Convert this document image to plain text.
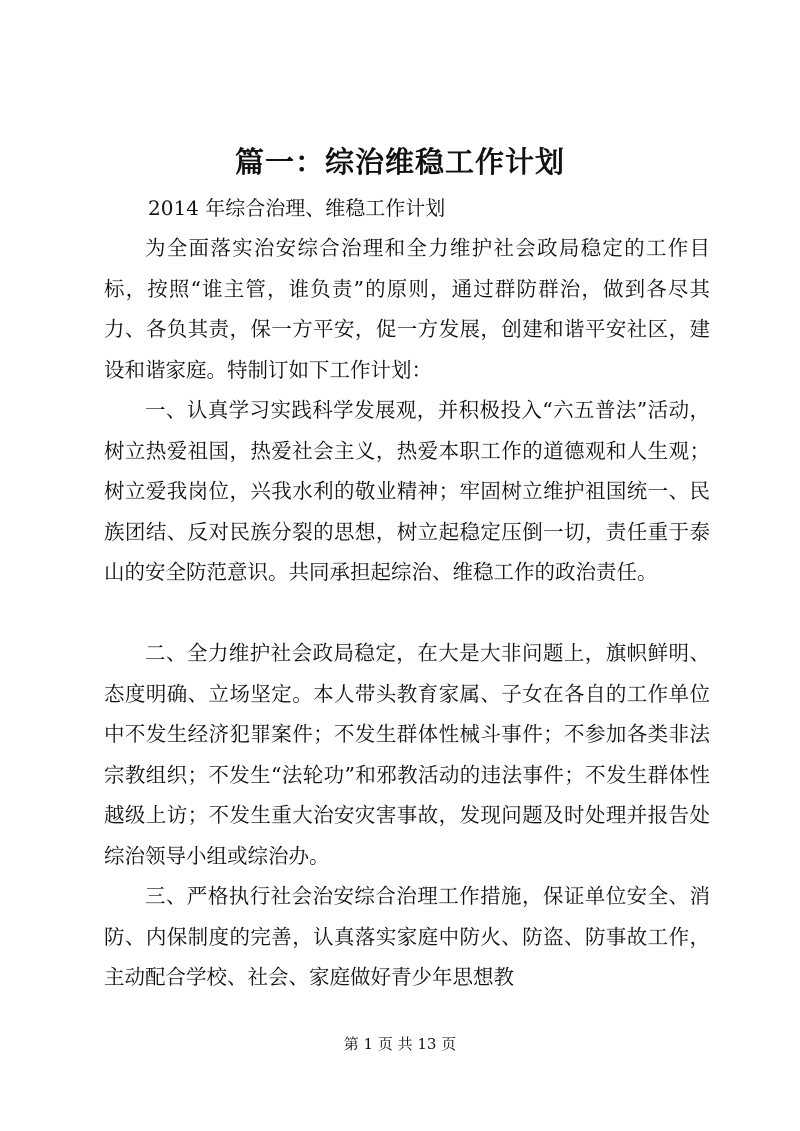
篇一：综治维稳工作计划

2014 年综合治理、维稳工作计划

为全面落实治安综合治理和全力维护社会政局稳定的工作目标，按照“谁主管，谁负责”的原则，通过群防群治，做到各尽其力、各负其责，保一方平安，促一方发展，创建和谐平安社区，建设和谐家庭。特制订如下工作计划：

一、认真学习实践科学发展观，并积极投入“六五普法”活动，树立热爱祖国，热爱社会主义，热爱本职工作的道德观和人生观；树立爱我岗位，兴我水利的敬业精神；牢固树立维护祖国统一、民族团结、反对民族分裂的思想，树立起稳定压倒一切，责任重于泰山的安全防范意识。共同承担起综治、维稳工作的政治责任。

二、全力维护社会政局稳定，在大是大非问题上，旗帜鲜明、态度明确、立场坚定。本人带头教育家属、子女在各自的工作单位中不发生经济犯罪案件；不发生群体性械斗事件；不参加各类非法宗教组织；不发生“法轮功”和邪教活动的违法事件；不发生群体性越级上访；不发生重大治安灾害事故，发现问题及时处理并报告处综治领导小组或综治办。

三、严格执行社会治安综合治理工作措施，保证单位安全、消防、内保制度的完善，认真落实家庭中防火、防盗、防事故工作，主动配合学校、社会、家庭做好青少年思想教

第 1 页 共 13 页
